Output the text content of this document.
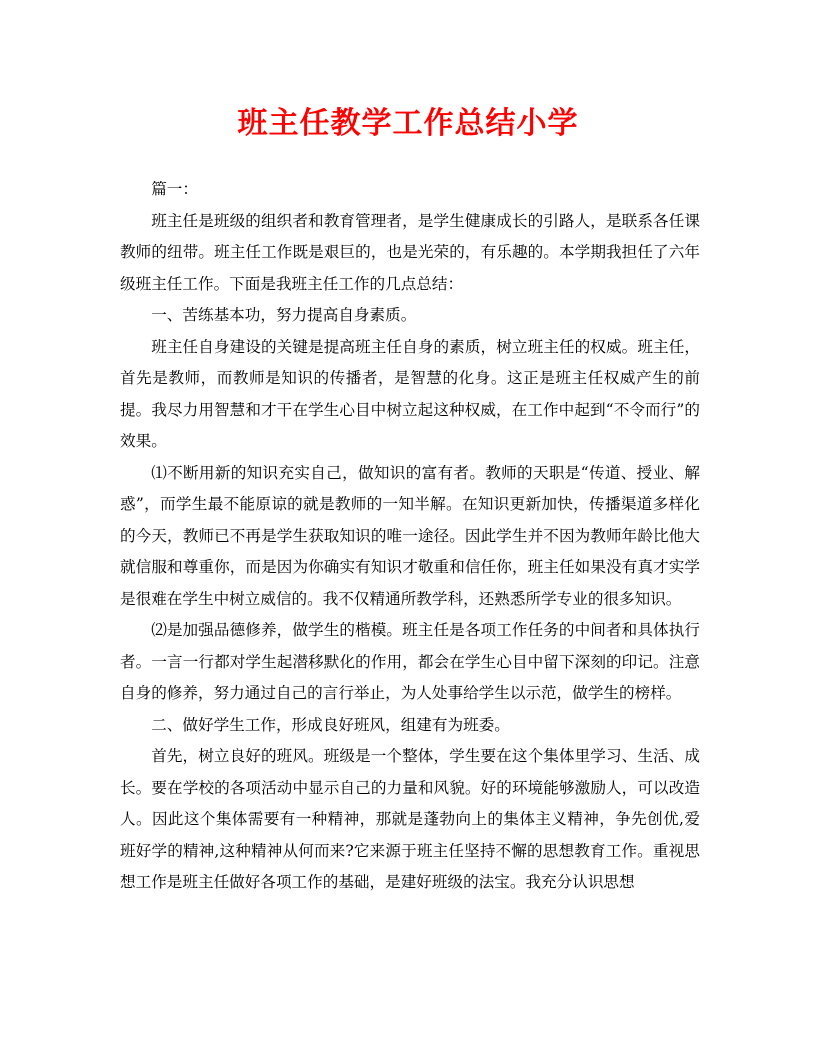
班主任教学工作总结小学

篇一：

班主任是班级的组织者和教育管理者，是学生健康成长的引路人，是联系各任课教师的纽带。班主任工作既是艰巨的，也是光荣的，有乐趣的。本学期我担任了六年级班主任工作。下面是我班主任工作的几点总结：

一、苦练基本功，努力提高自身素质。

班主任自身建设的关键是提高班主任自身的素质，树立班主任的权威。班主任，首先是教师，而教师是知识的传播者，是智慧的化身。这正是班主任权威产生的前提。我尽力用智慧和才干在学生心目中树立起这种权威，在工作中起到“不令而行”的效果。

⑴不断用新的知识充实自己，做知识的富有者。教师的天职是“传道、授业、解惑”，而学生最不能原谅的就是教师的一知半解。在知识更新加快，传播渠道多样化的今天，教师已不再是学生获取知识的唯一途径。因此学生并不因为教师年龄比他大就信服和尊重你，而是因为你确实有知识才敬重和信任你，班主任如果没有真才实学是很难在学生中树立威信的。我不仅精通所教学科，还熟悉所学专业的很多知识。

⑵是加强品德修养，做学生的楷模。班主任是各项工作任务的中间者和具体执行者。一言一行都对学生起潜移默化的作用，都会在学生心目中留下深刻的印记。注意自身的修养，努力通过自己的言行举止，为人处事给学生以示范，做学生的榜样。

二、做好学生工作，形成良好班风，组建有为班委。

首先，树立良好的班风。班级是一个整体，学生要在这个集体里学习、生活、成长。要在学校的各项活动中显示自己的力量和风貌。好的环境能够激励人，可以改造人。因此这个集体需要有一种精神，那就是蓬勃向上的集体主义精神，争先创优,爱班好学的精神,这种精神从何而来?它来源于班主任坚持不懈的思想教育工作。重视思想工作是班主任做好各项工作的基础，是建好班级的法宝。我充分认识思想
